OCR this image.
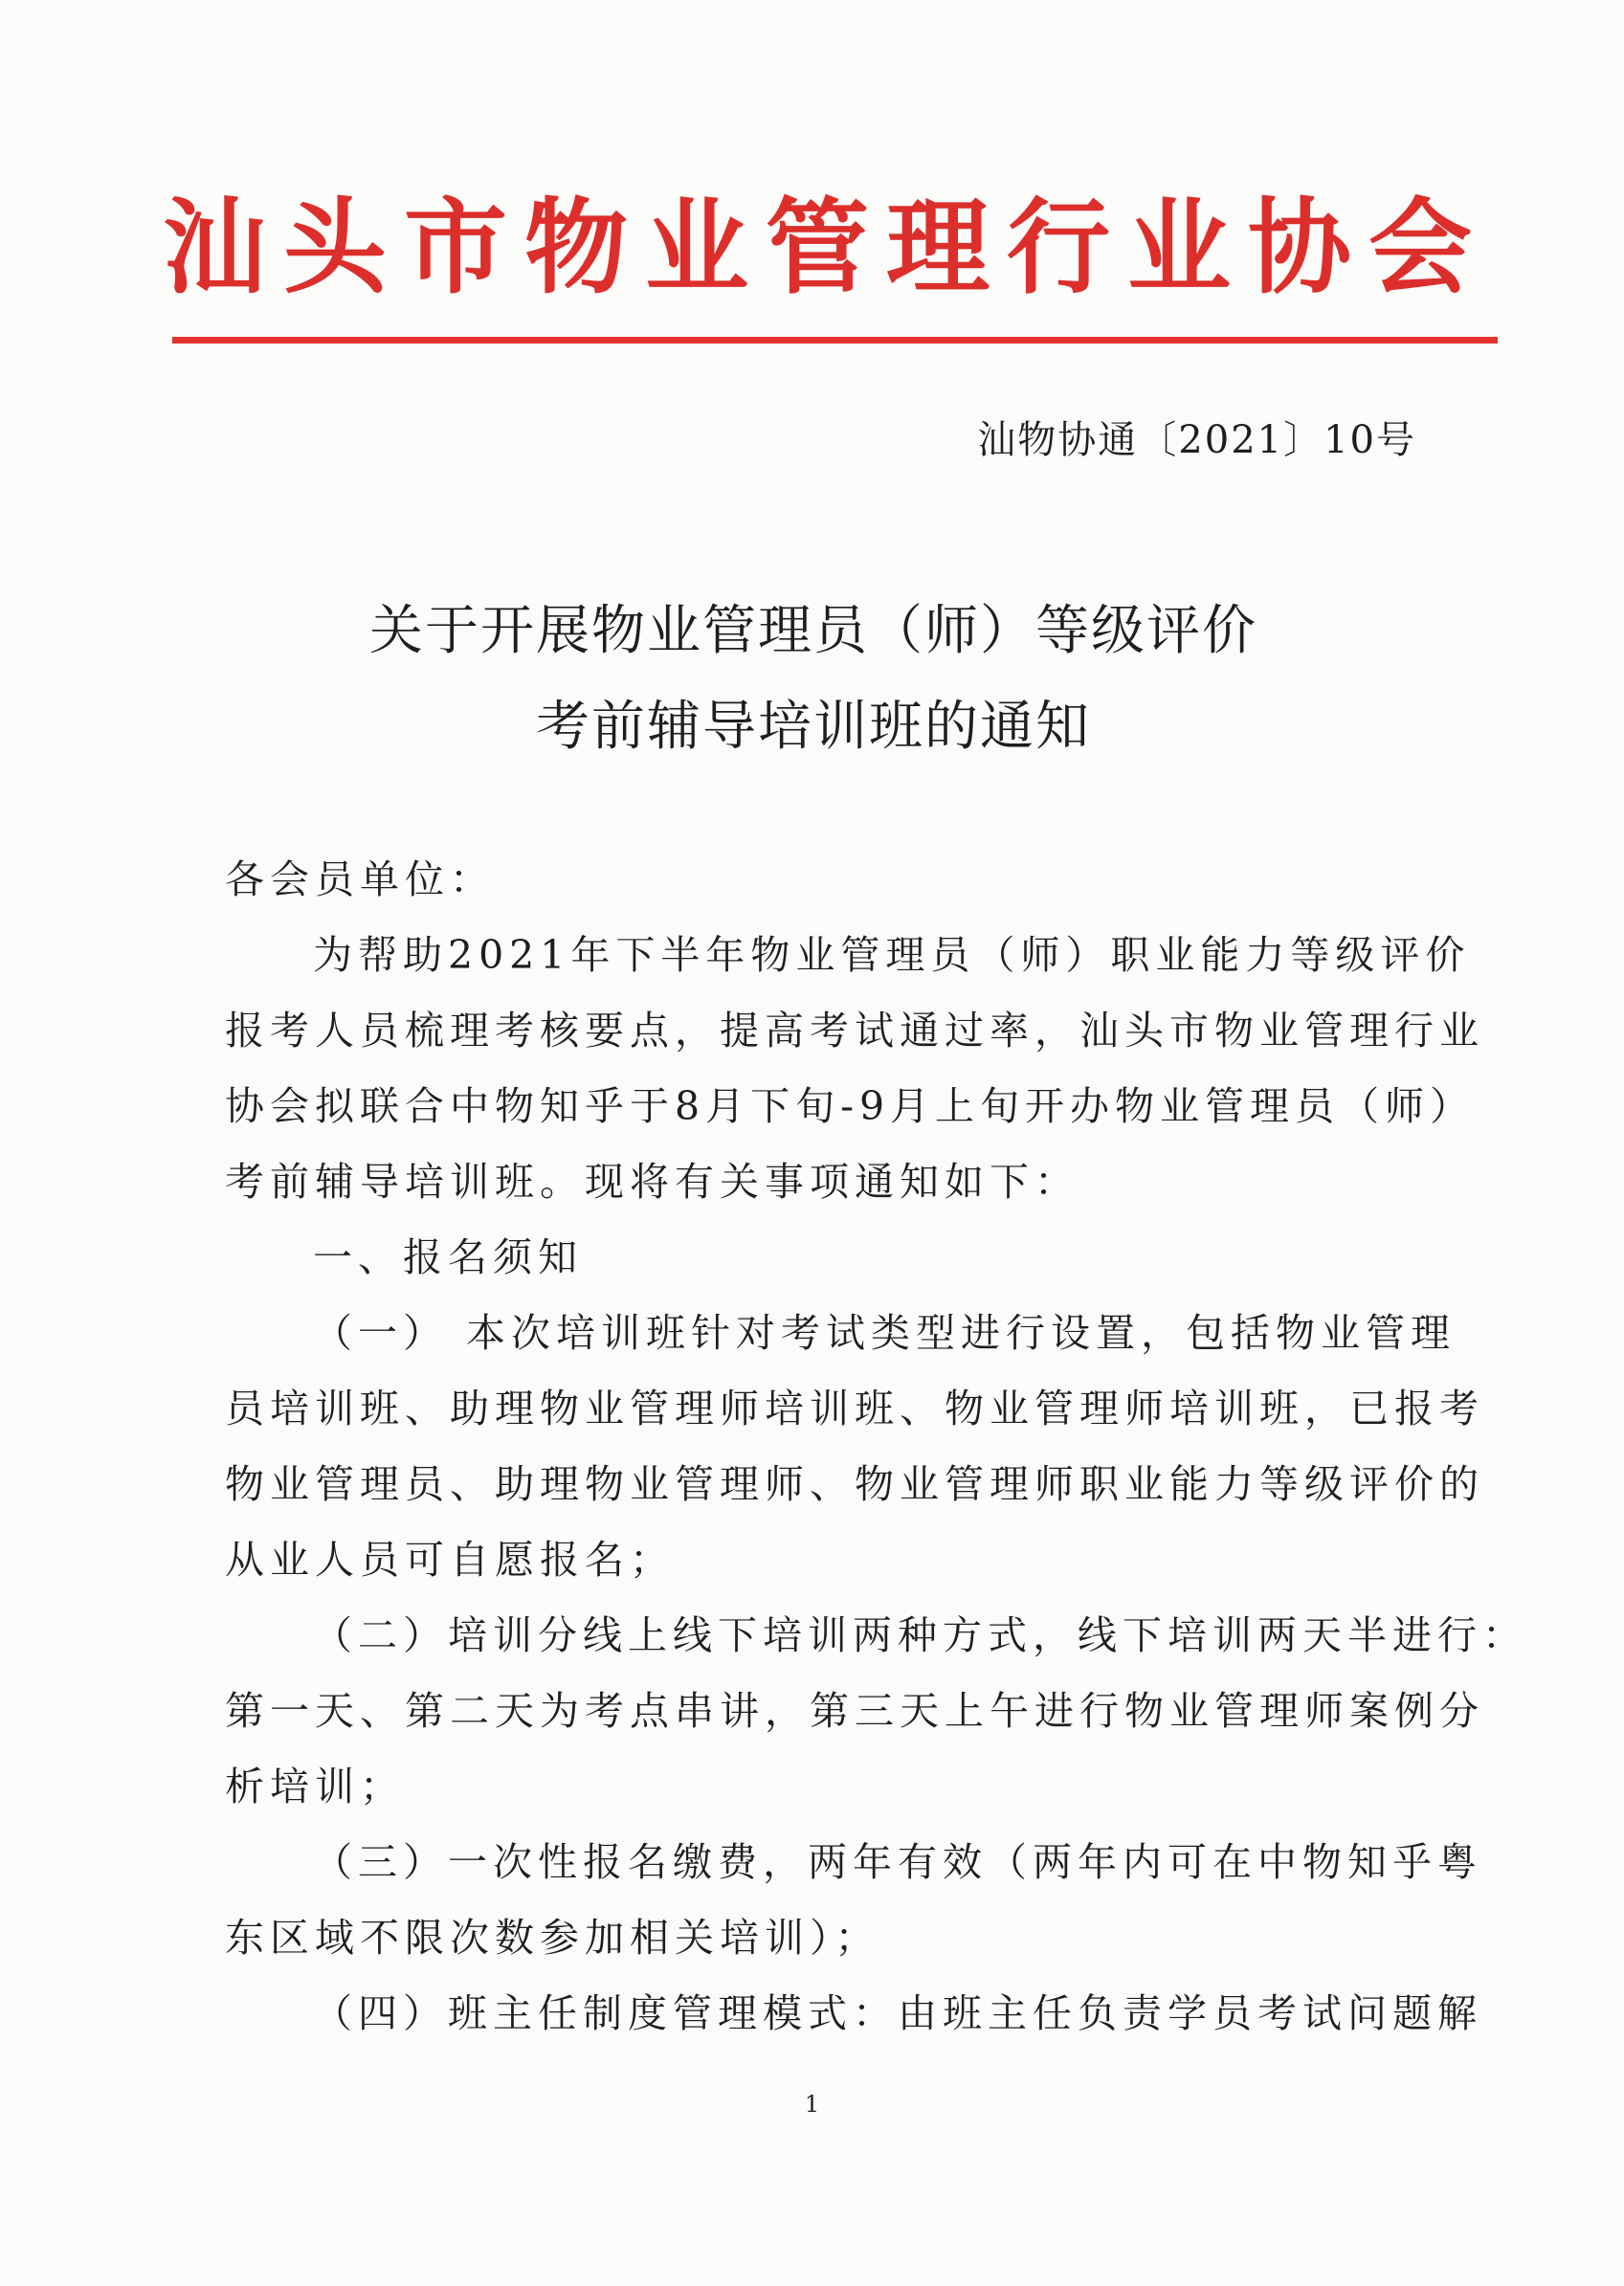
汕头市物业管理行业协会
汕物协通〔2021〕10号
关于开展物业管理员（师）等级评价
考前辅导培训班的通知
各会员单位：
为帮助2021年下半年物业管理员（师）职业能力等级评价
报考人员梳理考核要点，提高考试通过率，汕头市物业管理行业
协会拟联合中物知乎于8月下旬-9月上旬开办物业管理员（师）
考前辅导培训班。现将有关事项通知如下：
一、报名须知
（一） 本次培训班针对考试类型进行设置，包括物业管理
员培训班、助理物业管理师培训班、物业管理师培训班，已报考
物业管理员、助理物业管理师、物业管理师职业能力等级评价的
从业人员可自愿报名；
（二）培训分线上线下培训两种方式，线下培训两天半进行：
第一天、第二天为考点串讲，第三天上午进行物业管理师案例分
析培训；
（三）一次性报名缴费，两年有效（两年内可在中物知乎粤
东区域不限次数参加相关培训）；
（四）班主任制度管理模式：由班主任负责学员考试问题解
1
